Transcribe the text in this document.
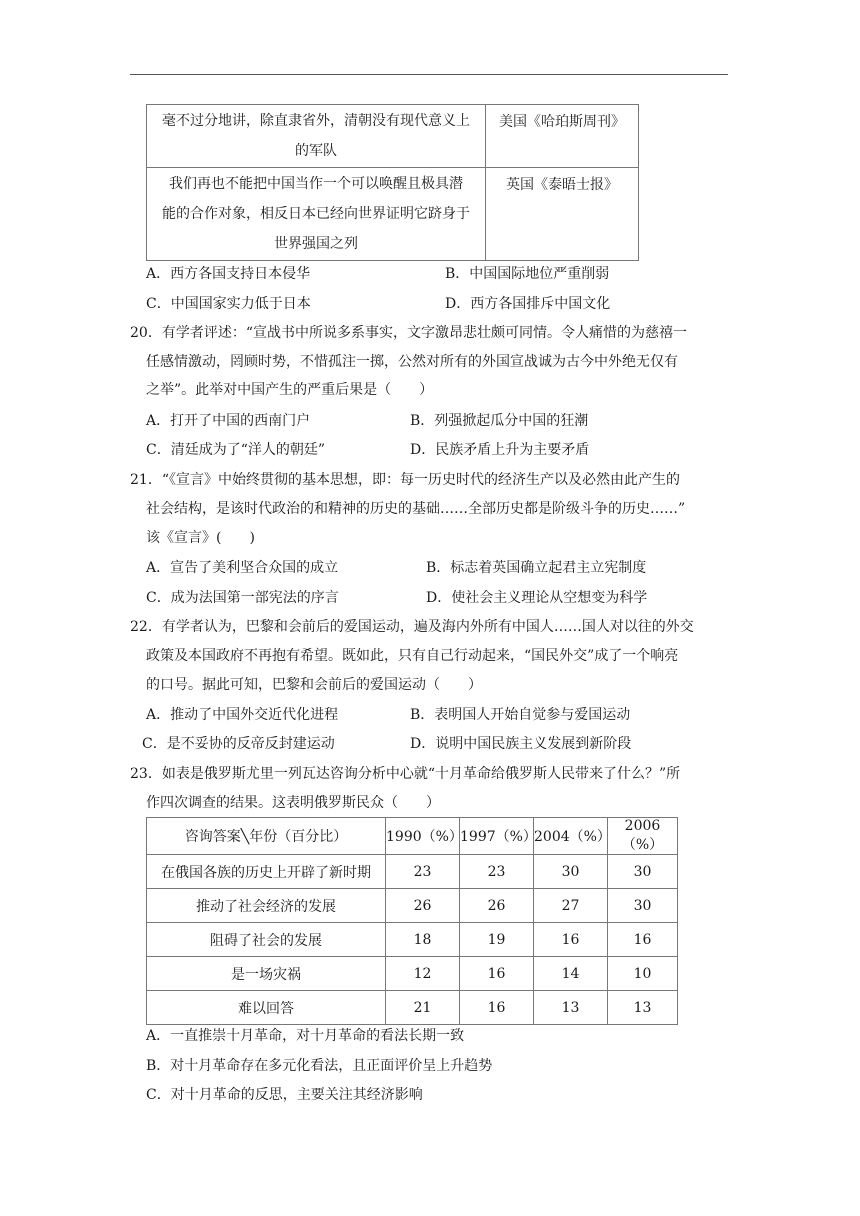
毫不过分地讲，除直隶省外，清朝没有现代意义上
的军队	美国《哈珀斯周刊》

我们再也不能把中国当作一个可以唤醒且极具潜
能的合作对象，相反日本已经向世界证明它跻身于
世界强国之列	英国《泰晤士报》
A．西方各国支持日本侵华	B．中国国际地位严重削弱
C．中国国家实力低于日本	D．西方各国排斥中国文化
20．有学者评述：“宣战书中所说多系事实，文字激昂悲壮颇可同情。令人痛惜的为慈禧一
任感情激动，罔顾时势，不惜孤注一掷，公然对所有的外国宣战诚为古今中外绝无仅有
之举”。此举对中国产生的严重后果是（　　）
A．打开了中国的西南门户	B．列强掀起瓜分中国的狂潮
C．清廷成为了“洋人的朝廷”	D．民族矛盾上升为主要矛盾
21．“《宣言》中始终贯彻的基本思想，即：每一历史时代的经济生产以及必然由此产生的
社会结构，是该时代政治的和精神的历史的基础……全部历史都是阶级斗争的历史……”
该《宣言》(　　)
A．宣告了美利坚合众国的成立	B．标志着英国确立起君主立宪制度
C．成为法国第一部宪法的序言	D．使社会主义理论从空想变为科学
22．有学者认为，巴黎和会前后的爱国运动，遍及海内外所有中国人……国人对以往的外交
政策及本国政府不再抱有希望。既如此，只有自己行动起来，“国民外交”成了一个响亮
的口号。据此可知，巴黎和会前后的爱国运动（　　）
A．推动了中国外交近代化进程	B．表明国人开始自觉参与爱国运动
C．是不妥协的反帝反封建运动	D．说明中国民族主义发展到新阶段
23．如表是俄罗斯尤里一列瓦达咨询分析中心就“十月革命给俄罗斯人民带来了什么？”所
作四次调查的结果。这表明俄罗斯民众（　　）
咨询答案╲年份（百分比）	1990（%）	1997（%）	2004（%）	2006（%）
在俄国各族的历史上开辟了新时期	23	23	30	30
推动了社会经济的发展	26	26	27	30
阻碍了社会的发展	18	19	16	16
是一场灾祸	12	16	14	10
难以回答	21	16	13	13
A．一直推崇十月革命，对十月革命的看法长期一致
B．对十月革命存在多元化看法，且正面评价呈上升趋势
C．对十月革命的反思，主要关注其经济影响
